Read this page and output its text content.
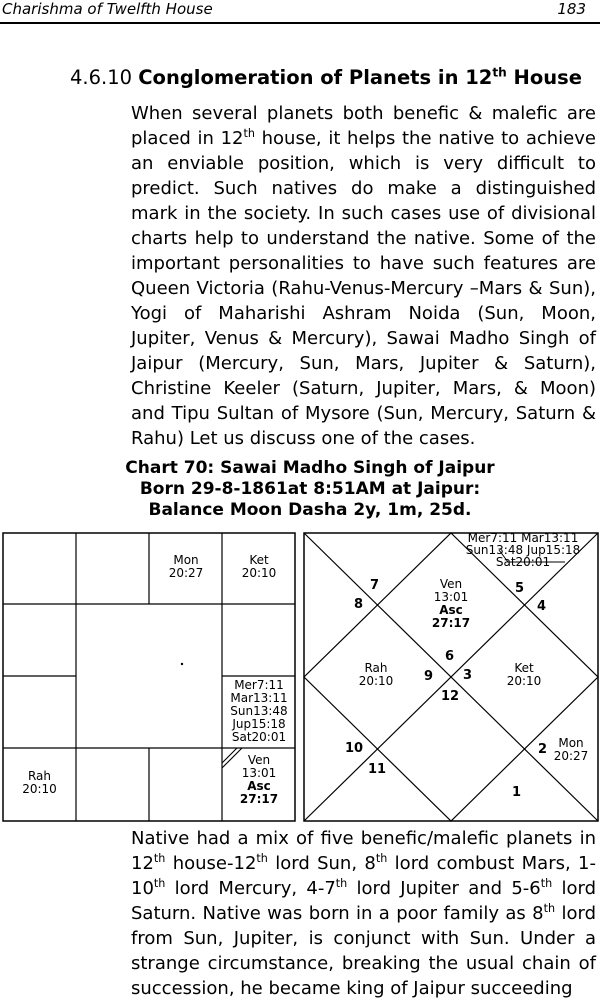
Charishma of Twelfth House	183
4.6.10 Conglomeration of Planets in 12th House

When several planets both benefic & malefic are placed in 12th house, it helps the native to achieve an enviable position, which is very difficult to predict. Such natives do make a distinguished mark in the society. In such cases use of divisional charts help to understand the native. Some of the important personalities to have such features are Queen Victoria (Rahu-Venus-Mercury –Mars & Sun), Yogi of Maharishi Ashram Noida (Sun, Moon, Jupiter, Venus & Mercury), Sawai Madho Singh of Jaipur (Mercury, Sun, Mars, Jupiter & Saturn), Christine Keeler (Saturn, Jupiter, Mars, & Moon) and Tipu Sultan of Mysore (Sun, Mercury, Saturn & Rahu) Let us discuss one of the cases.

Chart 70: Sawai Madho Singh of Jaipur
Born 29-8-1861at 8:51AM at Jaipur:
Balance Moon Dasha 2y, 1m, 25d.
Mon
20:27
Ket
20:10
Mer7:11
Mar13:11
Sun13:48
Jup15:18
Sat20:01
Rah
20:10
Ven
13:01
Asc
27:17
Mer7:11 Mar13:11
Sun13:48 Jup15:18
Sat20:01
Ven
13:01
Asc
27:17
Rah
20:10
Ket
20:10
Mon
20:27
1
2
3
4
5
6
7
8
9
10
11
12

Native had a mix of five benefic/malefic planets in 12th house-12th lord Sun, 8th lord combust Mars, 1-10th lord Mercury, 4-7th lord Jupiter and 5-6th lord Saturn. Native was born in a poor family as 8th lord from Sun, Jupiter, is conjunct with Sun. Under a strange circumstance, breaking the usual chain of succession, he became king of Jaipur succeeding
